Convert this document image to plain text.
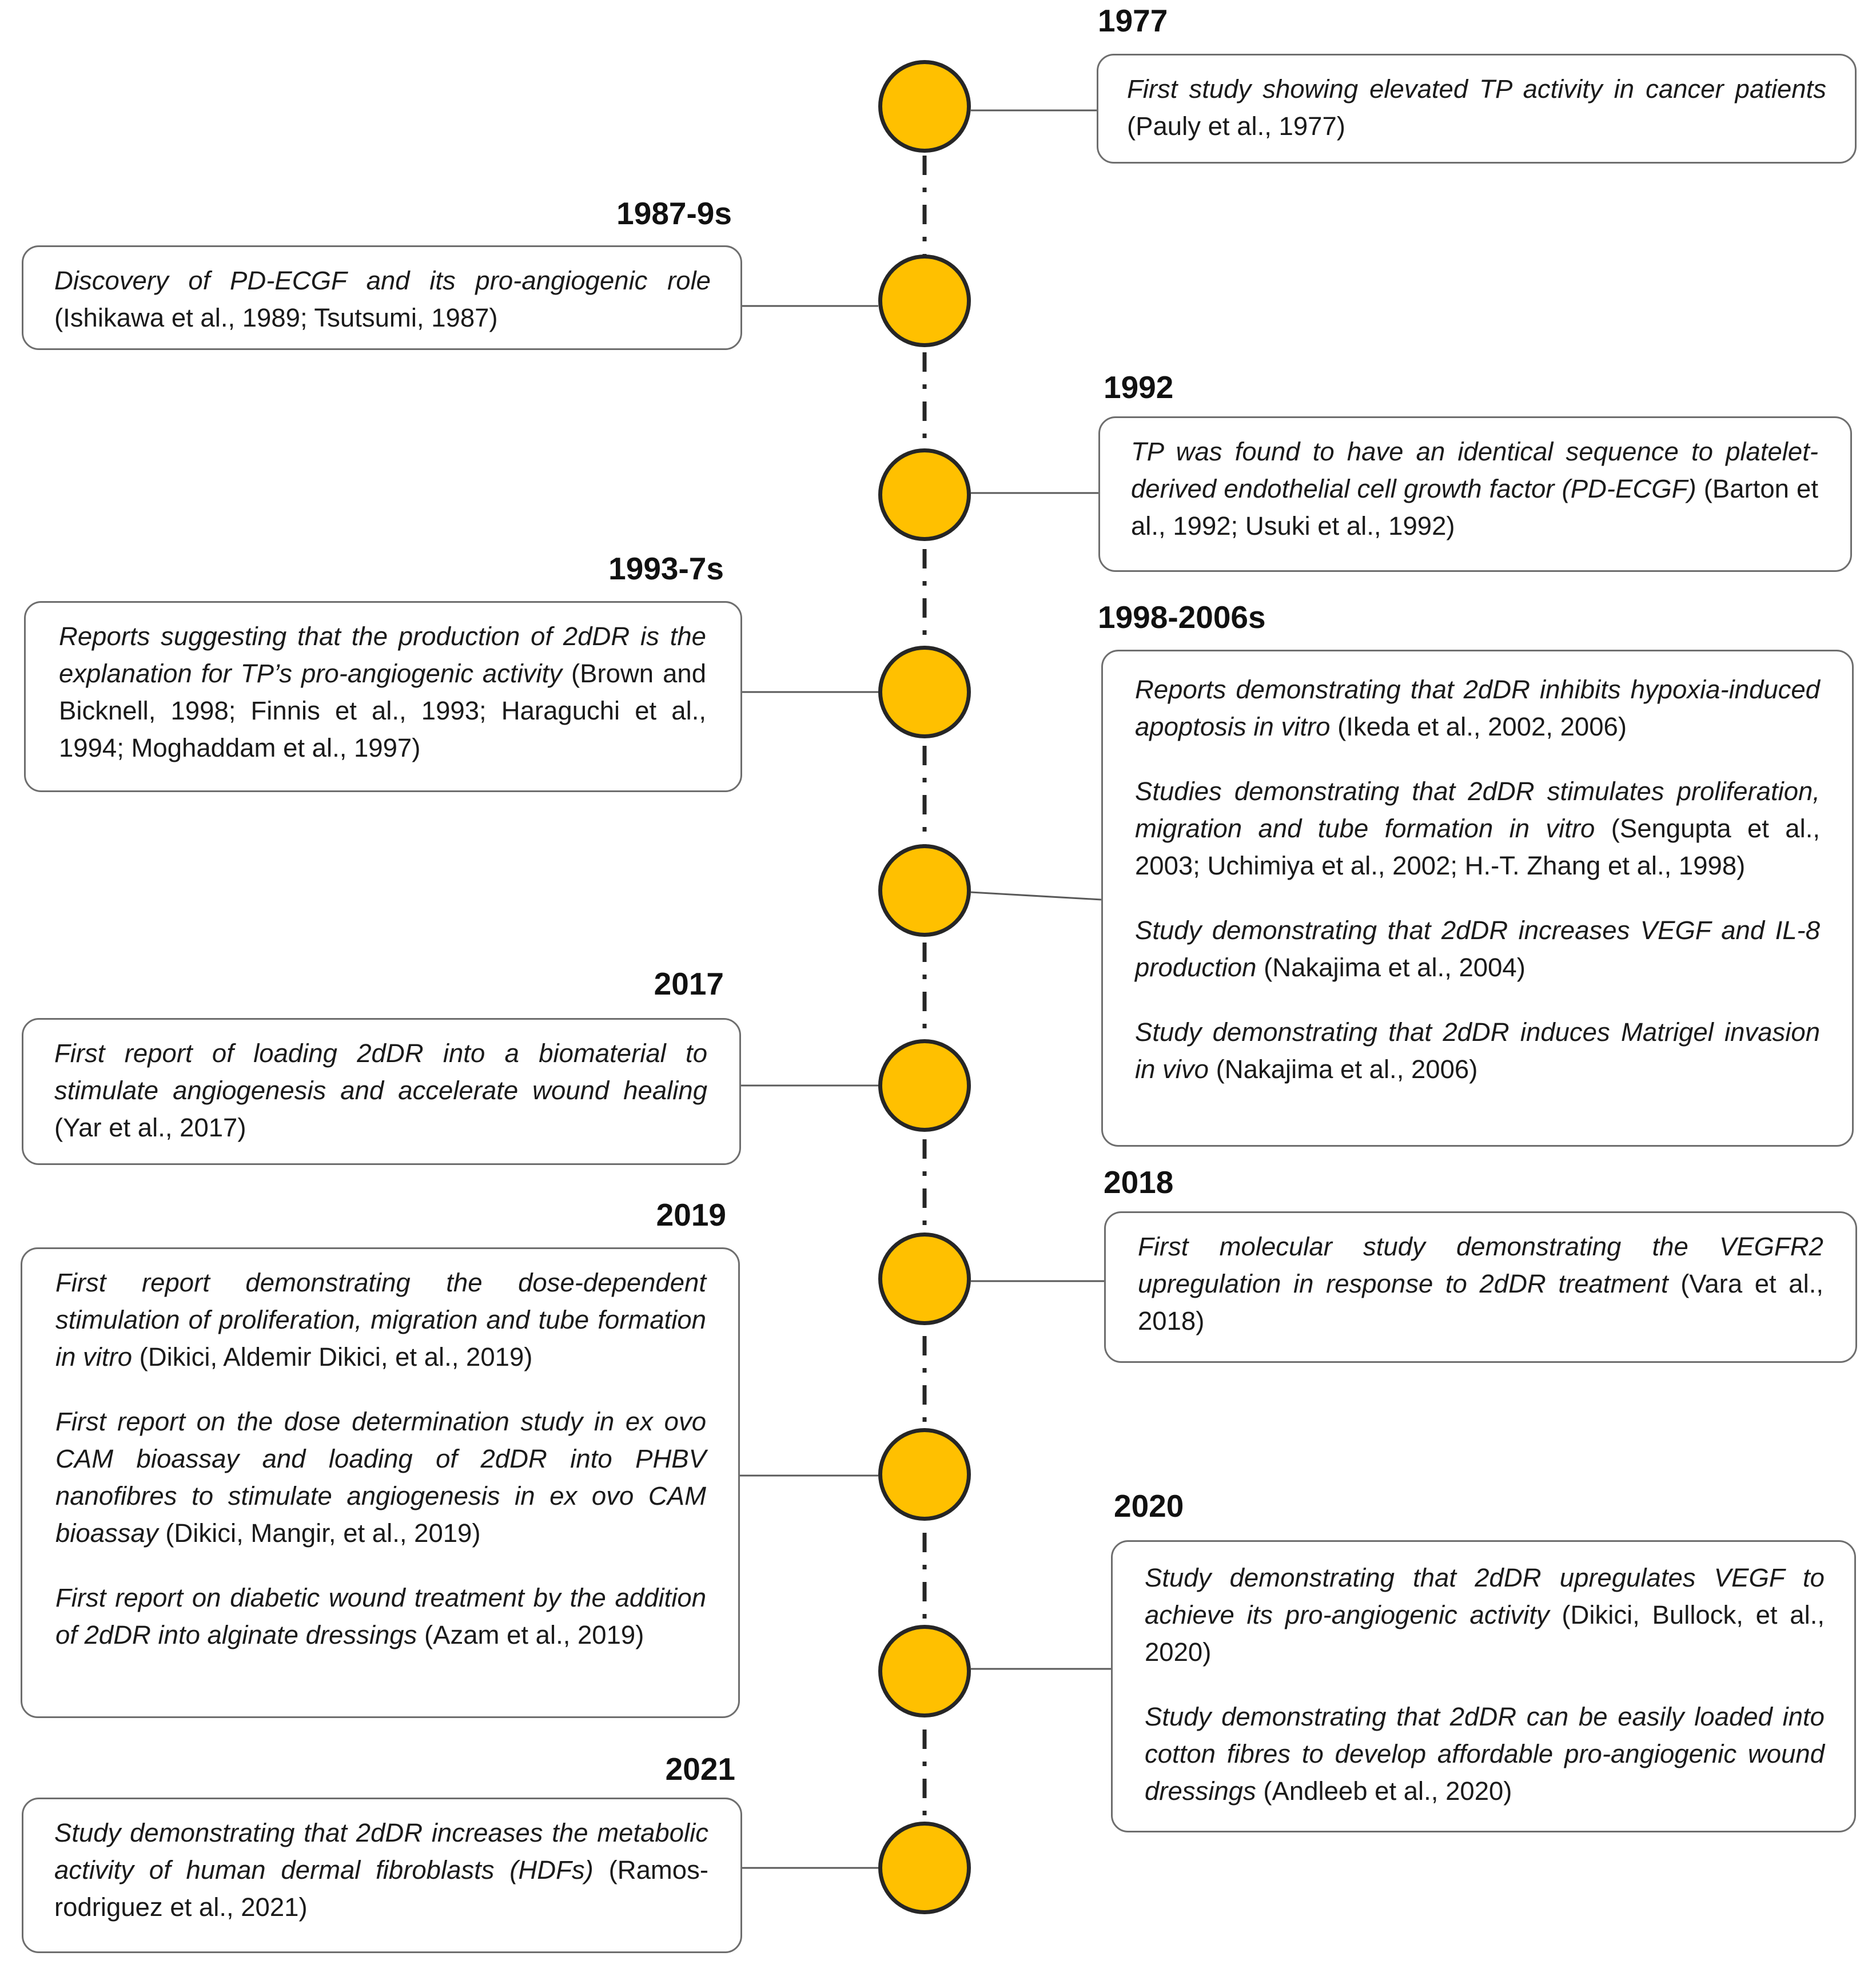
1977
1987-9s
1992
1993-7s
1998-2006s
2017
2018
2019
2020
2021

First study showing elevated TP activity in cancer patients (Pauly et al., 1977)

Discovery of PD-ECGF and its pro-angiogenic role (Ishikawa et al., 1989; Tsutsumi, 1987)

TP was found to have an identical sequence to platelet-derived endothelial cell growth factor (PD-ECGF) (Barton et al., 1992; Usuki et al., 1992)

Reports suggesting that the production of 2dDR is the explanation for TP’s pro-angiogenic activity (Brown and Bicknell, 1998; Finnis et al., 1993; Haraguchi et al., 1994; Moghaddam et al., 1997)

Reports demonstrating that 2dDR inhibits hypoxia-induced apoptosis in vitro (Ikeda et al., 2002, 2006)

Studies demonstrating that 2dDR stimulates proliferation, migration and tube formation in vitro (Sengupta et al., 2003; Uchimiya et al., 2002; H.-T. Zhang et al., 1998)

Study demonstrating that 2dDR increases VEGF and IL-8 production (Nakajima et al., 2004)

Study demonstrating that 2dDR induces Matrigel invasion in vivo (Nakajima et al., 2006)

First report of loading 2dDR into a biomaterial to stimulate angiogenesis and accelerate wound healing (Yar et al., 2017)

First molecular study demonstrating the VEGFR2 upregulation in response to 2dDR treatment (Vara et al., 2018)

First report demonstrating the dose-dependent stimulation of proliferation, migration and tube formation in vitro (Dikici, Aldemir Dikici, et al., 2019)

First report on the dose determination study in ex ovo CAM bioassay and loading of 2dDR into PHBV nanofibres to stimulate angiogenesis in ex ovo CAM bioassay (Dikici, Mangir, et al., 2019)

First report on diabetic wound treatment by the addition of 2dDR into alginate dressings (Azam et al., 2019)

Study demonstrating that 2dDR upregulates VEGF to achieve its pro-angiogenic activity (Dikici, Bullock, et al., 2020)

Study demonstrating that 2dDR can be easily loaded into cotton fibres to develop affordable pro-angiogenic wound dressings (Andleeb et al., 2020)

Study demonstrating that 2dDR increases the metabolic activity of human dermal fibroblasts (HDFs) (Ramos-rodriguez et al., 2021)
